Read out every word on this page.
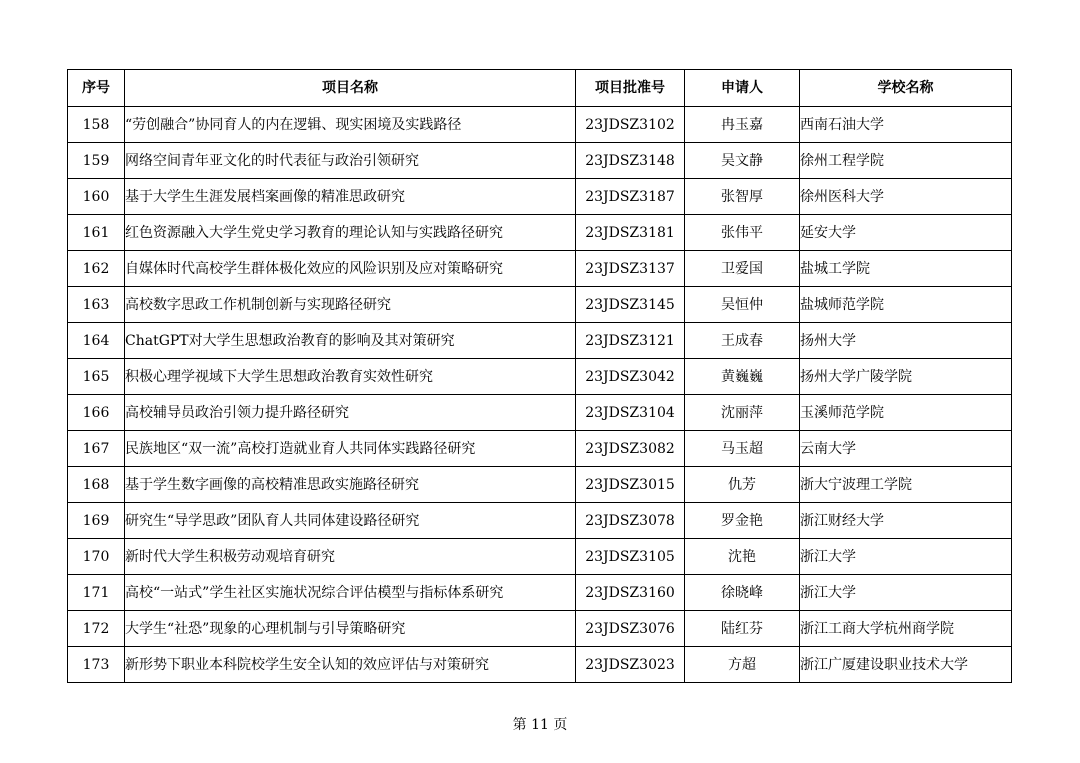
序号	项目名称	项目批准号	申请人	学校名称
158	“劳创融合”协同育人的内在逻辑、现实困境及实践路径	23JDSZ3102	冉玉嘉	西南石油大学
159	网络空间青年亚文化的时代表征与政治引领研究	23JDSZ3148	吴文静	徐州工程学院
160	基于大学生生涯发展档案画像的精准思政研究	23JDSZ3187	张智厚	徐州医科大学
161	红色资源融入大学生党史学习教育的理论认知与实践路径研究	23JDSZ3181	张伟平	延安大学
162	自媒体时代高校学生群体极化效应的风险识别及应对策略研究	23JDSZ3137	卫爱国	盐城工学院
163	高校数字思政工作机制创新与实现路径研究	23JDSZ3145	吴恒仲	盐城师范学院
164	ChatGPT对大学生思想政治教育的影响及其对策研究	23JDSZ3121	王成春	扬州大学
165	积极心理学视域下大学生思想政治教育实效性研究	23JDSZ3042	黄巍巍	扬州大学广陵学院
166	高校辅导员政治引领力提升路径研究	23JDSZ3104	沈丽萍	玉溪师范学院
167	民族地区“双一流”高校打造就业育人共同体实践路径研究	23JDSZ3082	马玉超	云南大学
168	基于学生数字画像的高校精准思政实施路径研究	23JDSZ3015	仇芳	浙大宁波理工学院
169	研究生“导学思政”团队育人共同体建设路径研究	23JDSZ3078	罗金艳	浙江财经大学
170	新时代大学生积极劳动观培育研究	23JDSZ3105	沈艳	浙江大学
171	高校“一站式”学生社区实施状况综合评估模型与指标体系研究	23JDSZ3160	徐晓峰	浙江大学
172	大学生“社恐”现象的心理机制与引导策略研究	23JDSZ3076	陆红芬	浙江工商大学杭州商学院
173	新形势下职业本科院校学生安全认知的效应评估与对策研究	23JDSZ3023	方超	浙江广厦建设职业技术大学
第 11 页
